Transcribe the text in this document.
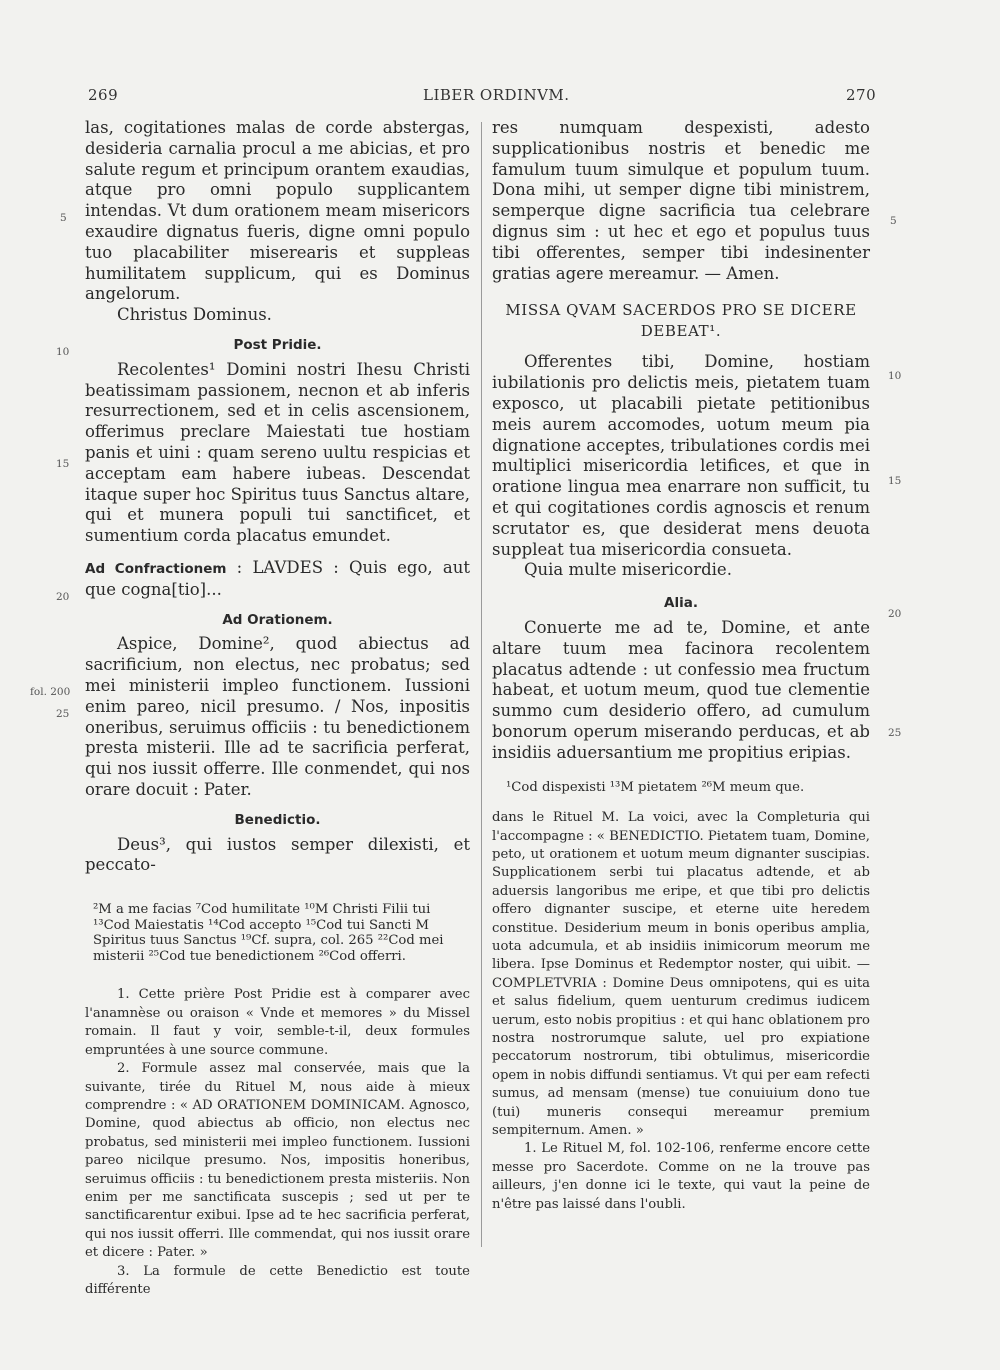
269	LIBER ORDINVM.	270
5
10
15
20
fol. 200
25
5
10
15
20
25

las, cogitationes malas de corde abstergas, desideria carnalia procul a me abicias, et pro salute regum et principum orantem exaudias, atque pro omni populo supplicantem intendas. Vt dum orationem meam misericors exaudire dignatus fueris, digne omni populo tuo placabiliter miserearis et suppleas humilitatem supplicum, qui es Dominus angelorum.

Christus Dominus.

Post Pridie.

Recolentes¹ Domini nostri Ihesu Christi beatissimam passionem, necnon et ab inferis resurrectionem, sed et in celis ascensionem, offerimus preclare Maiestati tue hostiam panis et uini : quam sereno uultu respicias et acceptam eam habere iubeas. Descendat itaque super hoc Spiritus tuus Sanctus altare, qui et munera populi tui sanctificet, et sumentium corda placatus emundet.

Ad Confractionem : LAVDES : Quis ego, aut que cogna[tio]...

Ad Orationem.

Aspice, Domine², quod abiectus ad sacrificium, non electus, nec probatus; sed mei ministerii impleo functionem. Iussioni enim pareo, nicil presumo. / Nos, inpositis oneribus, seruimus officiis : tu benedictionem presta misterii. Ille ad te sacrificia perferat, qui nos iussit offerre. Ille conmendet, qui nos orare docuit : Pater.

Benedictio.

Deus³, qui iustos semper dilexisti, et peccato-

²M a me facias ⁷Cod humilitate ¹⁰M Christi Filii tui
¹³Cod Maiestatis ¹⁴Cod accepto ¹⁵Cod tui Sancti M
Spiritus tuus Sanctus ¹⁹Cf. supra, col. 265 ²²Cod mei
misterii ²⁵Cod tue benedictionem ²⁶Cod offerri.

1. Cette prière Post Pridie est à comparer avec l'anamnèse ou oraison « Vnde et memores » du Missel romain. Il faut y voir, semble-t-il, deux formules empruntées à une source commune.

2. Formule assez mal conservée, mais que la suivante, tirée du Rituel M, nous aide à mieux comprendre : « AD ORATIONEM DOMINICAM. Agnosco, Domine, quod abiectus ab officio, non electus nec probatus, sed ministerii mei impleo functionem. Iussioni pareo nicilque presumo. Nos, impositis honeribus, seruimus officiis : tu benedictionem presta misteriis. Non enim per me sanctificata suscepis ; sed ut per te sanctificarentur exibui. Ipse ad te hec sacrificia perferat, qui nos iussit offerri. Ille commendat, qui nos iussit orare et dicere : Pater. »

3. La formule de cette Benedictio est toute différente

res numquam despexisti, adesto supplicationibus nostris et benedic me famulum tuum simulque et populum tuum. Dona mihi, ut semper digne tibi ministrem, semperque digne sacrificia tua celebrare dignus sim : ut hec et ego et populus tuus tibi offerentes, semper tibi indesinenter gratias agere mereamur. — Amen.

MISSA QVAM SACERDOS PRO SE DICERE DEBEAT¹.

Offerentes tibi, Domine, hostiam iubilationis pro delictis meis, pietatem tuam exposco, ut placabili pietate petitionibus meis aurem accomodes, uotum meum pia dignatione acceptes, tribulationes cordis mei multiplici misericordia letifices, et que in oratione lingua mea enarrare non sufficit, tu et qui cogitationes cordis agnoscis et renum scrutator es, que desiderat mens deuota suppleat tua misericordia consueta.

Quia multe misericordie.

Alia.

Conuerte me ad te, Domine, et ante altare tuum mea facinora recolentem placatus adtende : ut confessio mea fructum habeat, et uotum meum, quod tue clementie summo cum desiderio offero, ad cumulum bonorum operum miserando perducas, et ab insidiis aduersantium me propitius eripias.

¹Cod dispexisti ¹³M pietatem ²⁶M meum que.

dans le Rituel M. La voici, avec la Completuria qui l'accompagne : « BENEDICTIO. Pietatem tuam, Domine, peto, ut orationem et uotum meum dignanter suscipias. Supplicationem serbi tui placatus adtende, et ab aduersis langoribus me eripe, et que tibi pro delictis offero dignanter suscipe, et eterne uite heredem constitue. Desiderium meum in bonis operibus amplia, uota adcumula, et ab insidiis inimicorum meorum me libera. Ipse Dominus et Redemptor noster, qui uibit. — COMPLETVRIA : Domine Deus omnipotens, qui es uita et salus fidelium, quem uenturum credimus iudicem uerum, esto nobis propitius : et qui hanc oblationem pro nostra nostrorumque salute, uel pro expiatione peccatorum nostrorum, tibi obtulimus, misericordie opem in nobis diffundi sentiamus. Vt qui per eam refecti sumus, ad mensam (mense) tue conuiuium dono tue (tui) muneris consequi mereamur premium sempiternum. Amen. »

1. Le Rituel M, fol. 102-106, renferme encore cette messe pro Sacerdote. Comme on ne la trouve pas ailleurs, j'en donne ici le texte, qui vaut la peine de n'être pas laissé dans l'oubli.
